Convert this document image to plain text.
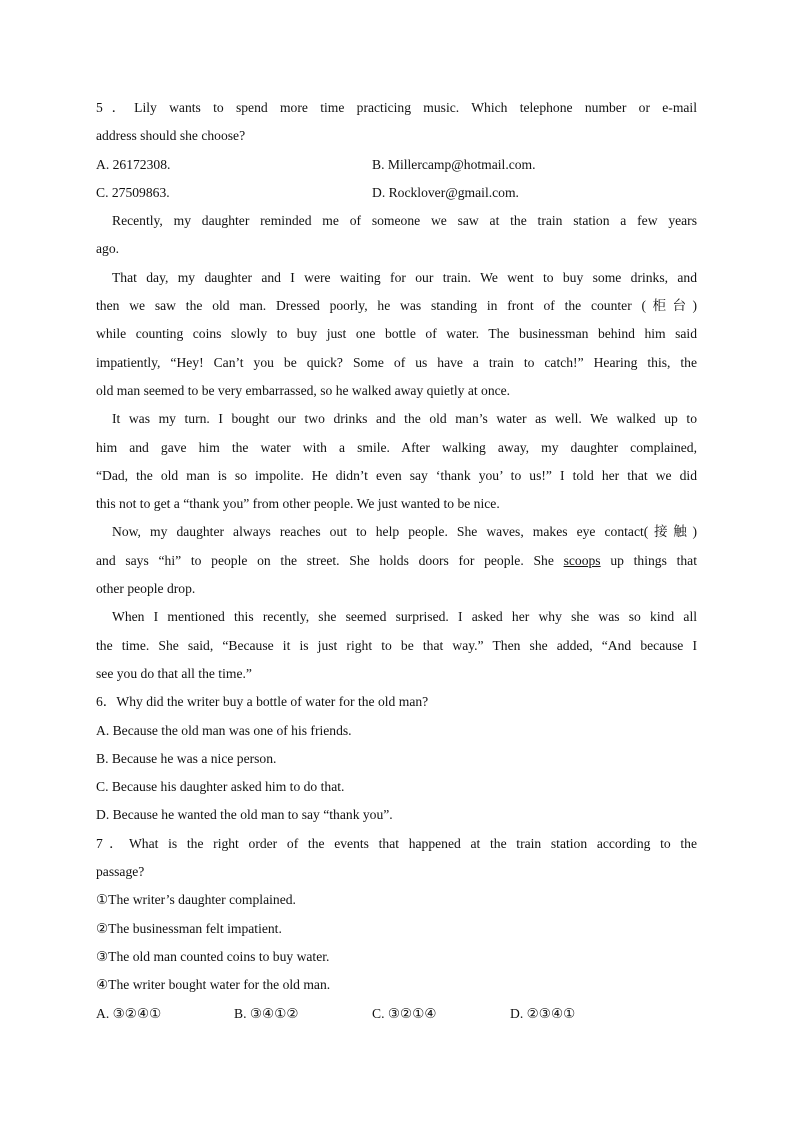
5．Lily wants to spend more time practicing music. Which telephone number or e-mail
address should she choose?
A. 26172308.	B. Millercamp@hotmail.com.
C. 27509863.	D. Rocklover@gmail.com.
Recently, my daughter reminded me of someone we saw at the train station a few years
ago.
That day, my daughter and I were waiting for our train. We went to buy some drinks, and
then we saw the old man. Dressed poorly, he was standing in front of the counter (柜台)
while counting coins slowly to buy just one bottle of water. The businessman behind him said
impatiently, “Hey! Can’t you be quick? Some of us have a train to catch!” Hearing this, the
old man seemed to be very embarrassed, so he walked away quietly at once.
It was my turn. I bought our two drinks and the old man’s water as well. We walked up to
him and gave him the water with a smile. After walking away, my daughter complained,
“Dad, the old man is so impolite. He didn’t even say ‘thank you’ to us!” I told her that we did
this not to get a “thank you” from other people. We just wanted to be nice.
Now, my daughter always reaches out to help people. She waves, makes eye contact(接触)
and says “hi” to people on the street. She holds doors for people. She scoops up things that
other people drop.
When I mentioned this recently, she seemed surprised. I asked her why she was so kind all
the time. She said, “Because it is just right to be that way.” Then she added, “And because I
see you do that all the time.”
6．Why did the writer buy a bottle of water for the old man?
A. Because the old man was one of his friends.
B. Because he was a nice person.
C. Because his daughter asked him to do that.
D. Because he wanted the old man to say “thank you”.
7．What is the right order of the events that happened at the train station according to the
passage?
①The writer’s daughter complained.
②The businessman felt impatient.
③The old man counted coins to buy water.
④The writer bought water for the old man.
A. ③②④①	B. ③④①②	C. ③②①④	D. ②③④①
